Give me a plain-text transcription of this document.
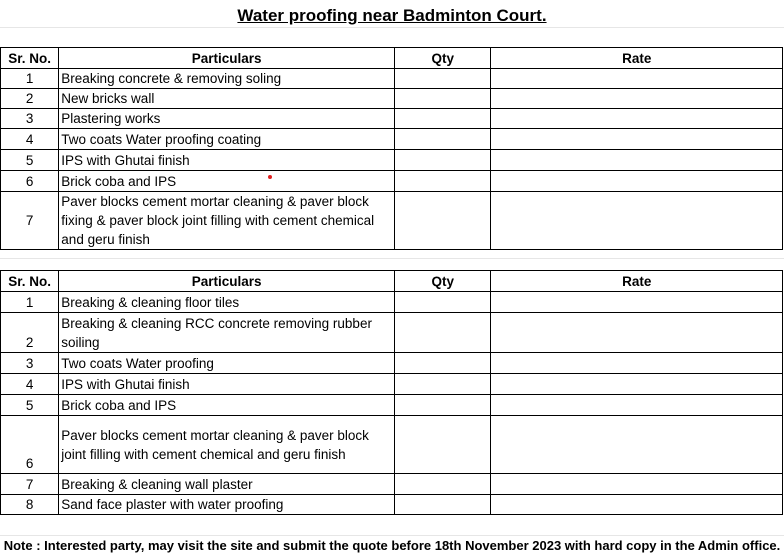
Water proofing near Badminton Court.
Sr. No.	Particulars	Qty	Rate
1	Breaking concrete & removing soling		
2	New bricks wall		
3	Plastering works		
4	Two coats Water proofing coating		
5	IPS with Ghutai finish		
6	Brick coba and IPS		
7	Paver blocks cement mortar cleaning & paver block fixing & paver block joint filling with cement chemical and geru finish		
Sr. No.	Particulars	Qty	Rate
1	Breaking & cleaning floor tiles		
2	Breaking & cleaning RCC concrete removing rubber soiling		
3	Two coats Water proofing		
4	IPS with Ghutai finish		
5	Brick coba and IPS		
6	Paver blocks cement mortar cleaning & paver block joint filling with cement chemical and geru finish		
7	Breaking & cleaning wall plaster		
8	Sand face plaster with water proofing		
Note : Interested party, may visit the site and submit the quote before 18th November 2023 with hard copy in the Admin office.
